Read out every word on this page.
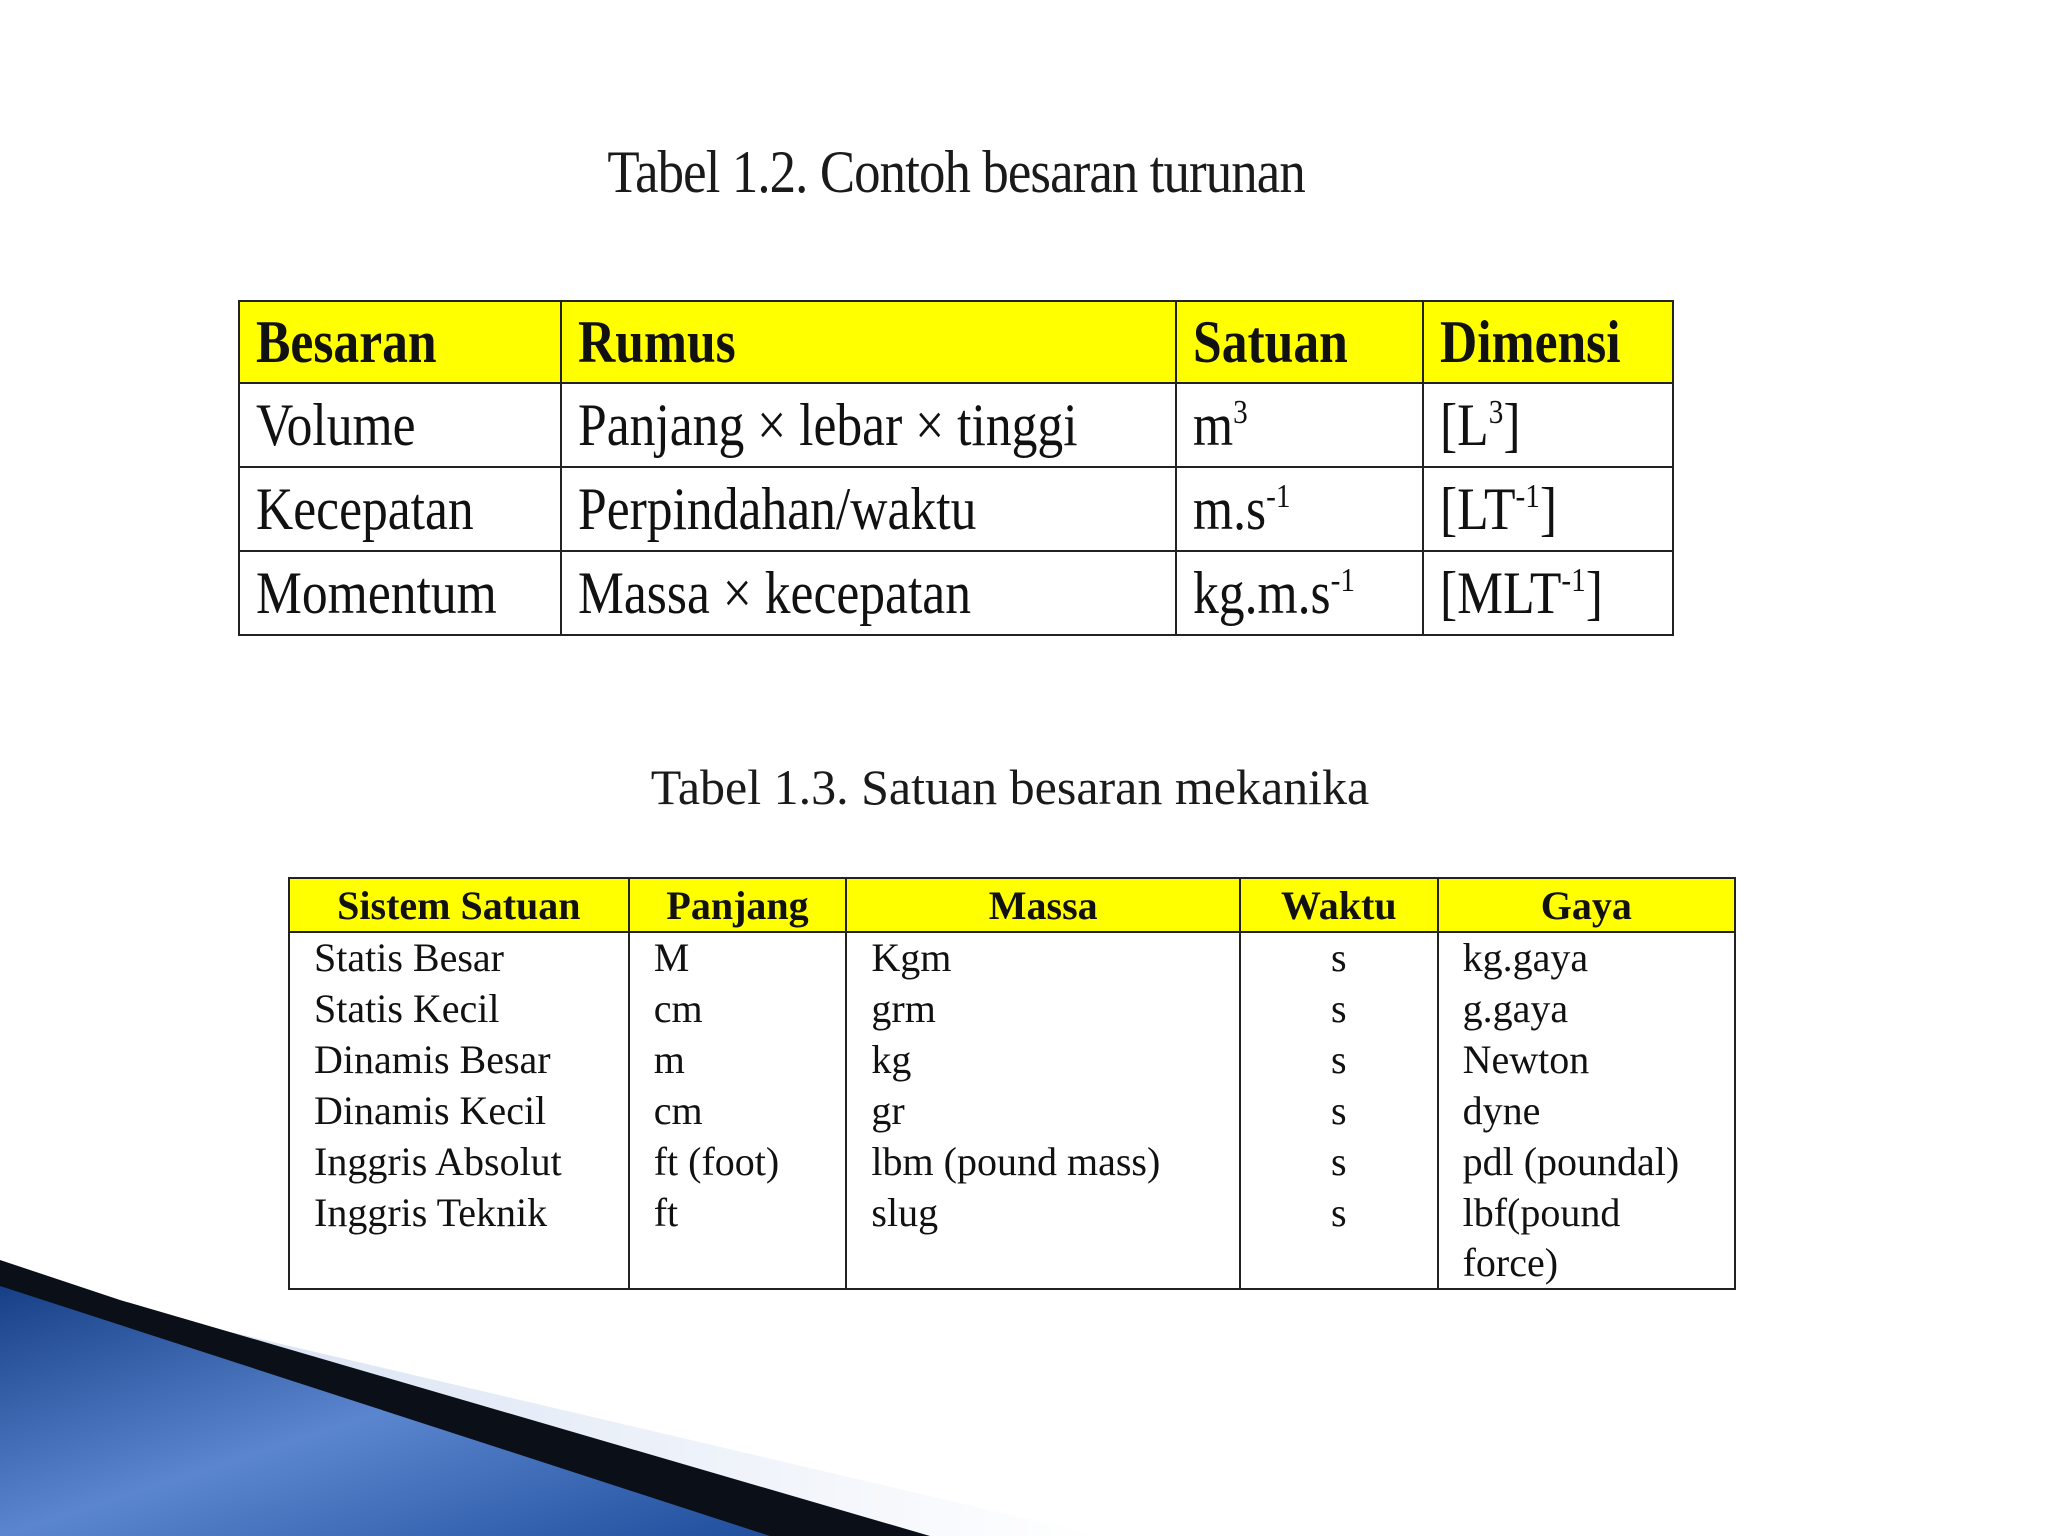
Tabel 1.2. Contoh besaran turunan
Besaran	Rumus	Satuan	Dimensi
Volume	Panjang × lebar × tinggi	$m^3$	$[L^3]$
Kecepatan	Perpindahan/waktu	$m.s^{-1}$	$[LT^{-1}]$
Momentum	Massa × kecepatan	$kg.m.s^{-1}$	$[MLT^{-1}]$
Tabel 1.3. Satuan besaran mekanika
Sistem Satuan	Panjang	Massa	Waktu	Gaya
Statis Besar	M	Kgm	s	kg.gaya
Statis Kecil	cm	grm	s	g.gaya
Dinamis Besar	m	kg	s	Newton
Dinamis Kecil	cm	gr	s	dyne
Inggris Absolut	ft (foot)	lbm (pound mass)	s	pdl (poundal)
Inggris Teknik	ft	slug	s	lbf(pound force)
